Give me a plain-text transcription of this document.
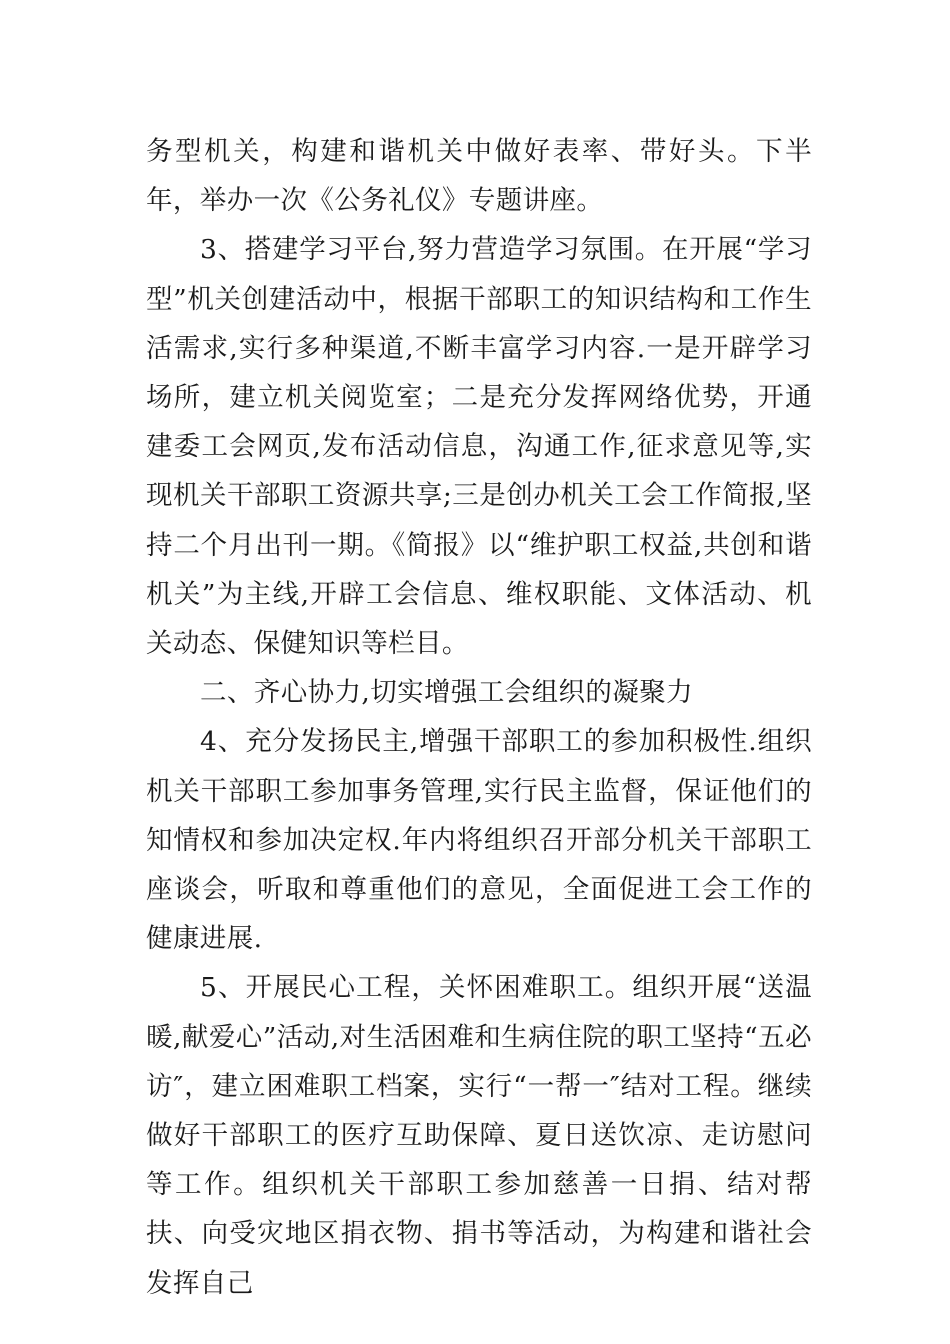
务型机关，构建和谐机关中做好表率、带好头。下半年，举办一次《公务礼仪》专题讲座。

3、搭建学习平台,努力营造学习氛围。在开展“学习型”机关创建活动中，根据干部职工的知识结构和工作生活需求,实行多种渠道,不断丰富学习内容.一是开辟学习场所，建立机关阅览室；二是充分发挥网络优势，开通建委工会网页,发布活动信息，沟通工作,征求意见等,实现机关干部职工资源共享;三是创办机关工会工作简报,坚持二个月出刊一期。《简报》以“维护职工权益,共创和谐机关”为主线,开辟工会信息、维权职能、文体活动、机关动态、保健知识等栏目。

二、齐心协力,切实增强工会组织的凝聚力

4、充分发扬民主,增强干部职工的参加积极性.组织机关干部职工参加事务管理,实行民主监督，保证他们的知情权和参加决定权.年内将组织召开部分机关干部职工座谈会，听取和尊重他们的意见，全面促进工会工作的健康进展.

5、开展民心工程，关怀困难职工。组织开展“送温暖,献爱心”活动,对生活困难和生病住院的职工坚持“五必访″，建立困难职工档案，实行“一帮一″结对工程。继续做好干部职工的医疗互助保障、夏日送饮凉、走访慰问等工作。组织机关干部职工参加慈善一日捐、结对帮扶、向受灾地区捐衣物、捐书等活动，为构建和谐社会发挥自己
